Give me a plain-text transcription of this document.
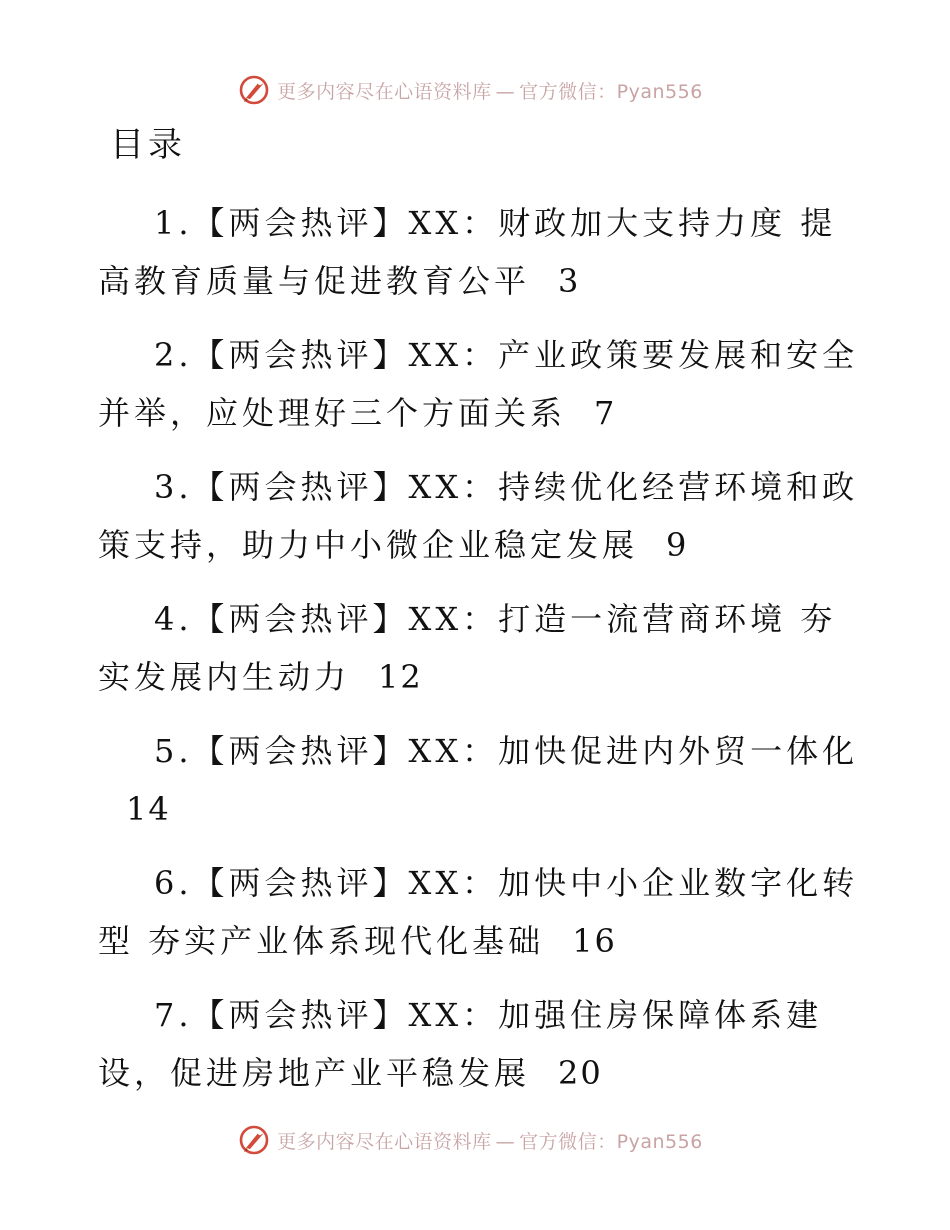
更多内容尽在心语资料库 — 官方微信：Pyan556
目录
1.【两会热评】XX：财政加大支持力度 提高教育质量与促进教育公平 3
2.【两会热评】XX：产业政策要发展和安全并举，应处理好三个方面关系 7
3.【两会热评】XX：持续优化经营环境和政策支持，助力中小微企业稳定发展 9
4.【两会热评】XX：打造一流营商环境 夯实发展内生动力 12
5.【两会热评】XX：加快促进内外贸一体化14
6.【两会热评】XX：加快中小企业数字化转型 夯实产业体系现代化基础 16
7.【两会热评】XX：加强住房保障体系建设，促进房地产业平稳发展 20
更多内容尽在心语资料库 — 官方微信：Pyan556
